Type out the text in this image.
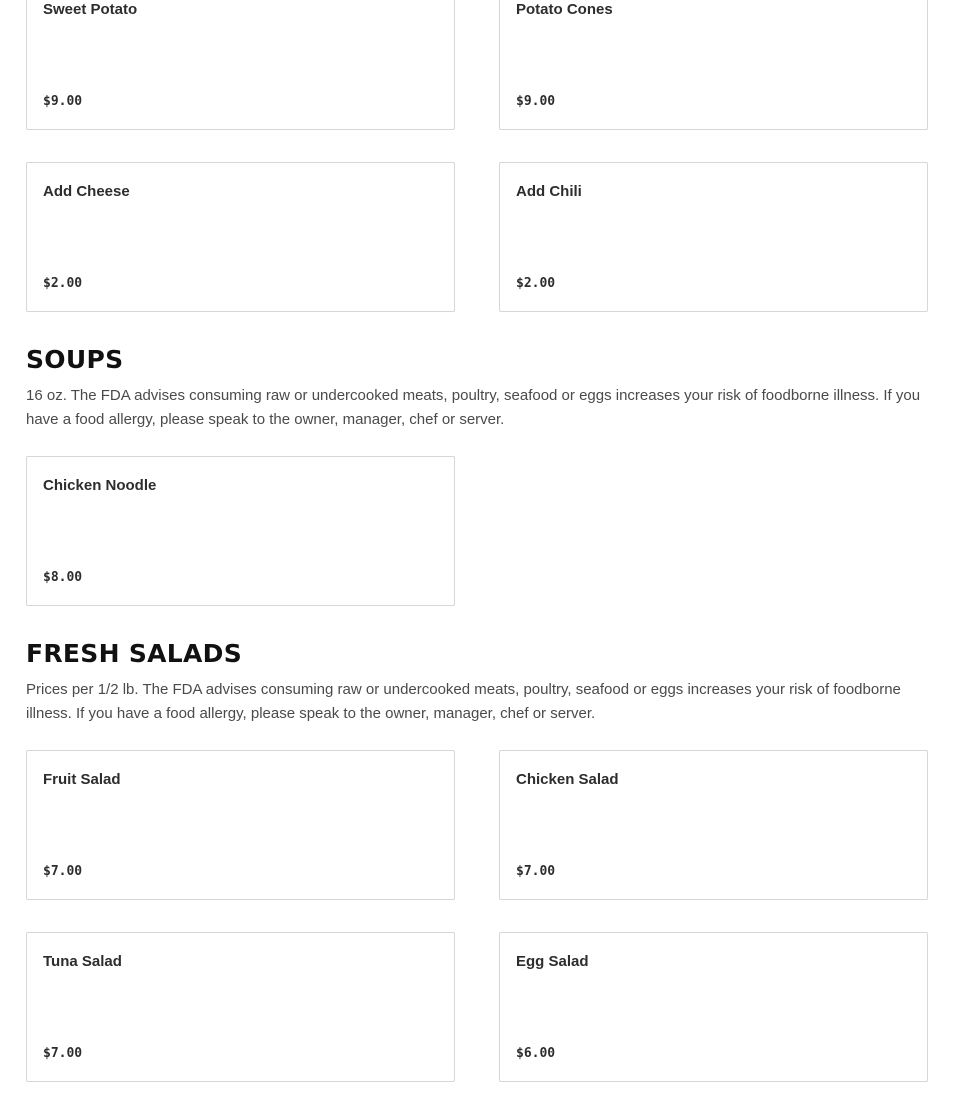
Sweet Potato
$9.00
Potato Cones
$9.00
Add Cheese
$2.00
Add Chili
$2.00
SOUPS

16 oz. The FDA advises consuming raw or undercooked meats, poultry, seafood or eggs increases your risk of foodborne illness. If you have a food allergy, please speak to the owner, manager, chef or server.

Chicken Noodle
$8.00
FRESH SALADS

Prices per 1/2 lb. The FDA advises consuming raw or undercooked meats, poultry, seafood or eggs increases your risk of foodborne illness. If you have a food allergy, please speak to the owner, manager, chef or server.

Fruit Salad
$7.00
Chicken Salad
$7.00
Tuna Salad
$7.00
Egg Salad
$6.00
